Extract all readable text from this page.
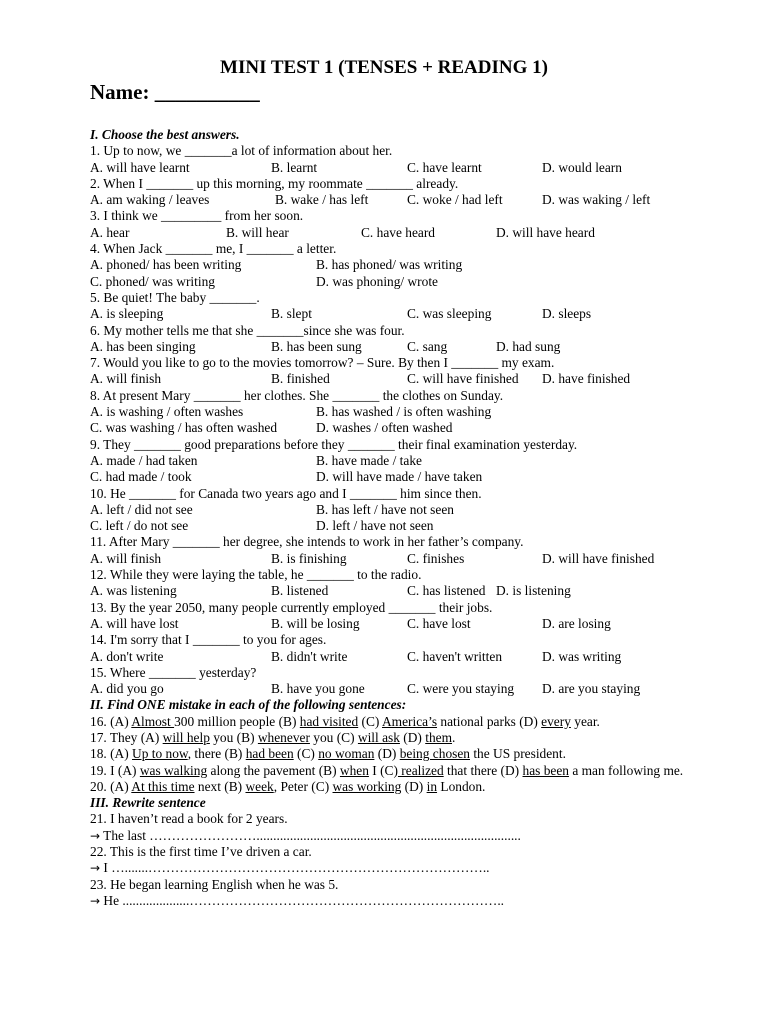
MINI TEST 1 (TENSES + READING 1)
Name: __________
I. Choose the best answers.
1. Up to now, we _______a lot of information about her.
A. will have learnt	B. learnt	C. have learnt	D. would learn
2. When I _______ up this morning, my roommate _______ already.
A. am waking / leaves	B. wake / has left	C. woke / had left	D. was waking / left
3. I think we _________ from her soon.
A. hear	B. will hear	C. have heard	D. will have heard
4. When Jack _______ me, I _______ a letter.
A. phoned/ has been writing	B. has phoned/ was writing
C. phoned/ was writing	D. was phoning/ wrote
5. Be quiet! The baby _______.
A. is sleeping	B. slept	C. was sleeping	D. sleeps
6. My mother tells me that she _______since she was four.
A. has been singing	B. has been sung	C. sang	D. had sung
7. Would you like to go to the movies tomorrow? – Sure. By then I _______ my exam.
A. will finish	B. finished	C. will have finished D. have finished
8. At present Mary _______ her clothes. She _______ the clothes on Sunday.
A. is washing / often washes	B. has washed / is often washing
C. was washing / has often washed	D. washes / often washed
9. They _______ good preparations before they _______ their final examination yesterday.
A. made / had taken	B. have made / take
C. had made / took	D. will have made / have taken
10. He _______ for Canada two years ago and I _______ him since then.
A. left / did not see	B. has left / have not seen
C. left / do not see	D. left / have not seen
11. After Mary _______ her degree, she intends to work in her father’s company.
A. will finish	B. is finishing	C. finishes	D. will have finished
12. While they were laying the table, he _______ to the radio.
A. was listening	B. listened	C. has listened D. is listening
13. By the year 2050, many people currently employed _______ their jobs.
A. will have lost	B. will be losing	C. have lost	D. are losing
14. I'm sorry that I _______ to you for ages.
A. don't write	B. didn't write	C. haven't written	D. was writing
15. Where _______ yesterday?
A. did you go	B. have you gone	C. were you staying D. are you staying
II. Find ONE mistake in each of the following sentences:
16. (A) Almost 300 million people (B) had visited (C) America’s national parks (D) every year.
17. They (A) will help you (B) whenever you (C) will ask (D) them.
18. (A) Up to now, there (B) had been (C) no woman (D) being chosen the US president.
19. I (A) was walking along the pavement (B) when I (C) realized that there (D) has been a man following me.
20. (A) At this time next (B) week, Peter (C) was working (D) in London.
III. Rewrite sentence
21. I haven’t read a book for 2 years.
→ The last ……………………...............................................................................
22. This is the first time I’ve driven a car.
→ I ….......…………………………………………………………………..
23. He began learning English when he was 5.
→ He ....................……………………………………………………………..
